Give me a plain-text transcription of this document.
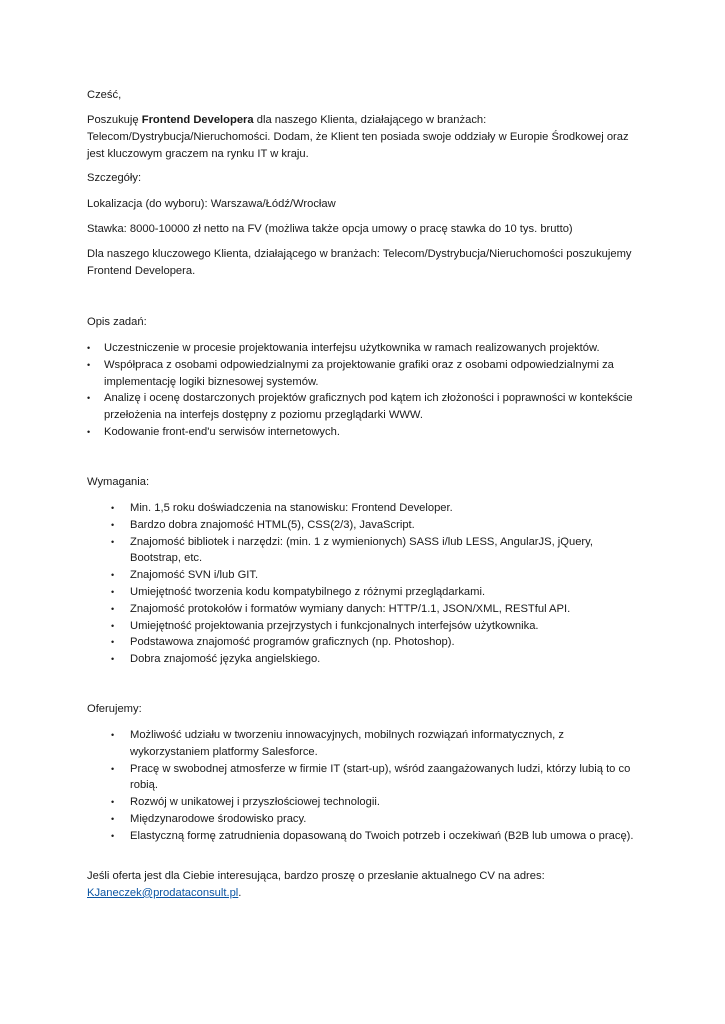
Cześć,

Poszukuję Frontend Developera dla naszego Klienta, działającego w branżach: Telecom/Dystrybucja/Nieruchomości. Dodam, że Klient ten posiada swoje oddziały w Europie Środkowej oraz jest kluczowym graczem na rynku IT w kraju.

Szczegóły:

Lokalizacja (do wyboru): Warszawa/Łódź/Wrocław

Stawka: 8000-10000 zł netto na FV (możliwa także opcja umowy o pracę stawka do 10 tys. brutto)

Dla naszego kluczowego Klienta, działającego w branżach: Telecom/Dystrybucja/Nieruchomości poszukujemy Frontend Developera.

Opis zadań:

• Uczestniczenie w procesie projektowania interfejsu użytkownika w ramach realizowanych projektów.
• Współpraca z osobami odpowiedzialnymi za projektowanie grafiki oraz z osobami odpowiedzialnymi za implementację logiki biznesowej systemów.
• Analizę i ocenę dostarczonych projektów graficznych pod kątem ich złożoności i poprawności w kontekście przełożenia na interfejs dostępny z poziomu przeglądarki WWW.
• Kodowanie front-end'u serwisów internetowych.

Wymagania:

• Min. 1,5 roku doświadczenia na stanowisku: Frontend Developer.
• Bardzo dobra znajomość HTML(5), CSS(2/3), JavaScript.
• Znajomość bibliotek i narzędzi: (min. 1 z wymienionych) SASS i/lub LESS, AngularJS, jQuery, Bootstrap, etc.
• Znajomość SVN i/lub GIT.
• Umiejętność tworzenia kodu kompatybilnego z różnymi przeglądarkami.
• Znajomość protokołów i formatów wymiany danych: HTTP/1.1, JSON/XML, RESTful API.
• Umiejętność projektowania przejrzystych i funkcjonalnych interfejsów użytkownika.
• Podstawowa znajomość programów graficznych (np. Photoshop).
• Dobra znajomość języka angielskiego.

Oferujemy:

• Możliwość udziału w tworzeniu innowacyjnych, mobilnych rozwiązań informatycznych, z wykorzystaniem platformy Salesforce.
• Pracę w swobodnej atmosferze w firmie IT (start-up), wśród zaangażowanych ludzi, którzy lubią to co robią.
• Rozwój w unikatowej i przyszłościowej technologii.
• Międzynarodowe środowisko pracy.
• Elastyczną formę zatrudnienia dopasowaną do Twoich potrzeb i oczekiwań (B2B lub umowa o pracę).

Jeśli oferta jest dla Ciebie interesująca, bardzo proszę o przesłanie aktualnego CV na adres:
KJaneczek@prodataconsult.pl.
